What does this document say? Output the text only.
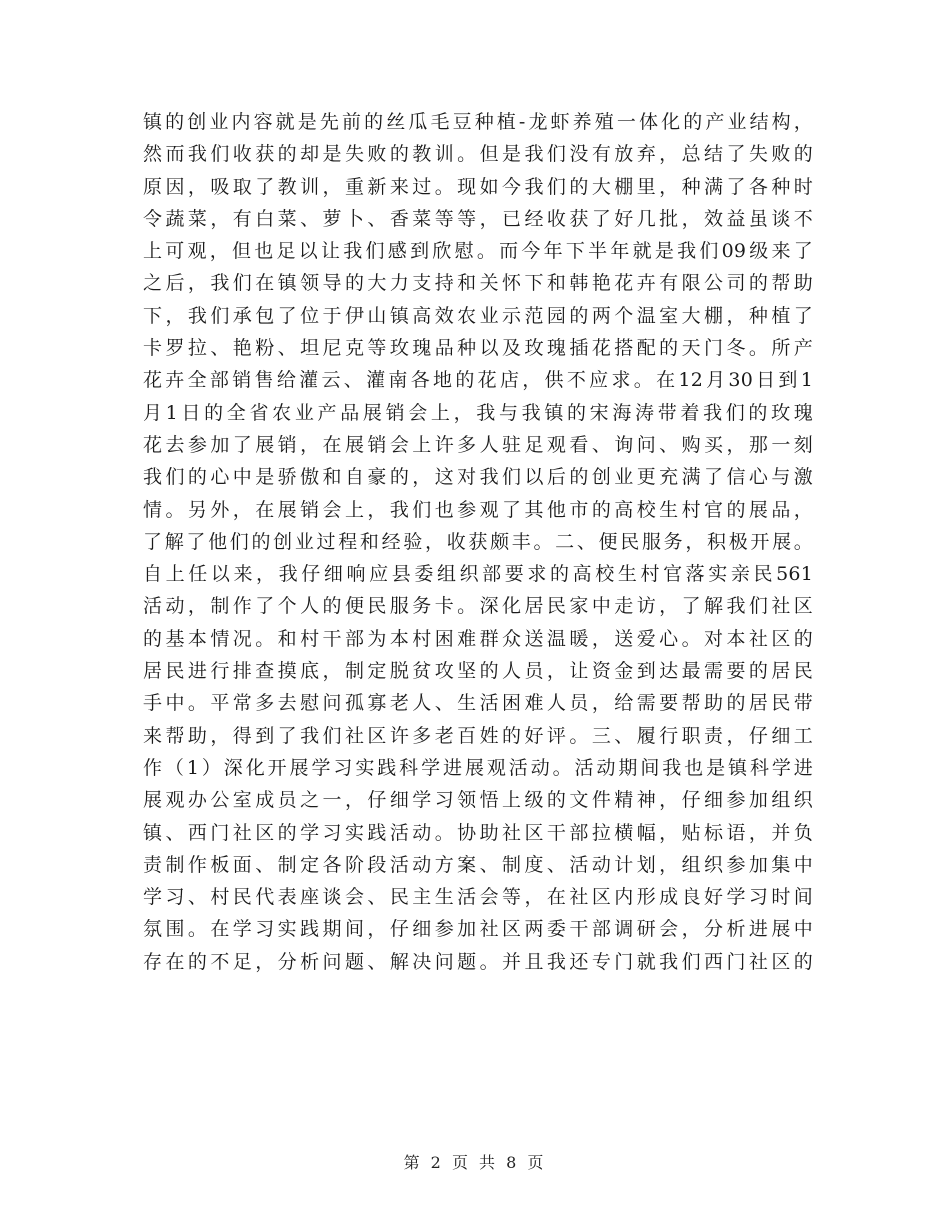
镇的创业内容就是先前的丝瓜毛豆种植-龙虾养殖一体化的产业结构，
然而我们收获的却是失败的教训。但是我们没有放弃，总结了失败的
原因，吸取了教训，重新来过。现如今我们的大棚里，种满了各种时
令蔬菜，有白菜、萝卜、香菜等等，已经收获了好几批，效益虽谈不
上可观，但也足以让我们感到欣慰。而今年下半年就是我们09级来了
之后，我们在镇领导的大力支持和关怀下和韩艳花卉有限公司的帮助
下，我们承包了位于伊山镇高效农业示范园的两个温室大棚，种植了
卡罗拉、艳粉、坦尼克等玫瑰品种以及玫瑰插花搭配的天门冬。所产
花卉全部销售给灌云、灌南各地的花店，供不应求。在12月30日到1
月1日的全省农业产品展销会上，我与我镇的宋海涛带着我们的玫瑰
花去参加了展销，在展销会上许多人驻足观看、询问、购买，那一刻
我们的心中是骄傲和自豪的，这对我们以后的创业更充满了信心与激
情。另外，在展销会上，我们也参观了其他市的高校生村官的展品，
了解了他们的创业过程和经验，收获颇丰。二、便民服务，积极开展。
自上任以来，我仔细响应县委组织部要求的高校生村官落实亲民561
活动，制作了个人的便民服务卡。深化居民家中走访，了解我们社区
的基本情况。和村干部为本村困难群众送温暖，送爱心。对本社区的
居民进行排查摸底，制定脱贫攻坚的人员，让资金到达最需要的居民
手中。平常多去慰问孤寡老人、生活困难人员，给需要帮助的居民带
来帮助，得到了我们社区许多老百姓的好评。三、履行职责，仔细工
作（1）深化开展学习实践科学进展观活动。活动期间我也是镇科学进
展观办公室成员之一，仔细学习领悟上级的文件精神，仔细参加组织
镇、西门社区的学习实践活动。协助社区干部拉横幅，贴标语，并负
责制作板面、制定各阶段活动方案、制度、活动计划，组织参加集中
学习、村民代表座谈会、民主生活会等，在社区内形成良好学习时间
氛围。在学习实践期间，仔细参加社区两委干部调研会，分析进展中
存在的不足，分析问题、解决问题。并且我还专门就我们西门社区的
第 2 页 共 8 页
